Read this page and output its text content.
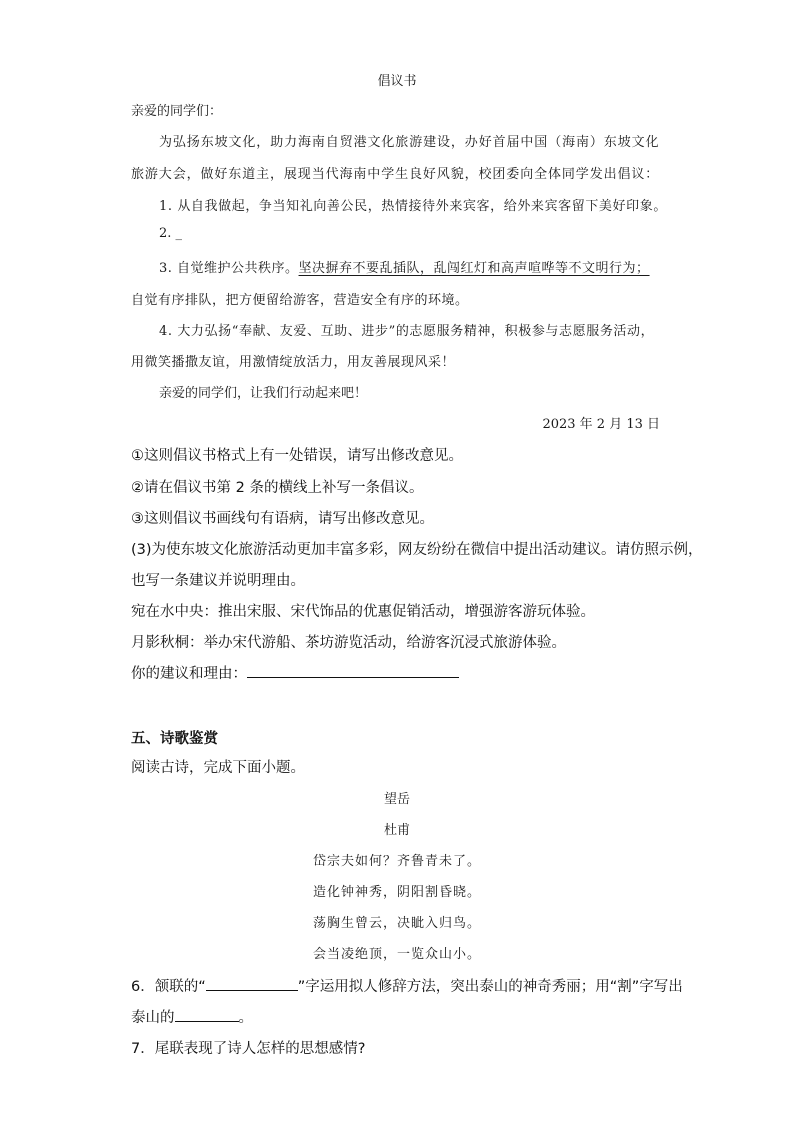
倡议书
亲爱的同学们：
为弘扬东坡文化，助力海南自贸港文化旅游建设，办好首届中国（海南）东坡文化
旅游大会，做好东道主，展现当代海南中学生良好风貌，校团委向全体同学发出倡议：
1. 从自我做起，争当知礼向善公民，热情接待外来宾客，给外来宾客留下美好印象。
2. _
3. 自觉维护公共秩序。坚决摒弃不要乱插队，乱闯红灯和高声喧哗等不文明行为；
自觉有序排队，把方便留给游客，营造安全有序的环境。
4. 大力弘扬“奉献、友爱、互助、进步”的志愿服务精神，积极参与志愿服务活动，
用微笑播撒友谊，用激情绽放活力，用友善展现风采！
亲爱的同学们，让我们行动起来吧！
2023 年 2 月 13 日
①这则倡议书格式上有一处错误，请写出修改意见。
②请在倡议书第 2 条的横线上补写一条倡议。
③这则倡议书画线句有语病，请写出修改意见。
(3)为使东坡文化旅游活动更加丰富多彩，网友纷纷在微信中提出活动建议。请仿照示例，
也写一条建议并说明理由。
宛在水中央：推出宋服、宋代饰品的优惠促销活动，增强游客游玩体验。
月影秋桐：举办宋代游船、茶坊游览活动，给游客沉浸式旅游体验。
你的建议和理由：
五、诗歌鉴赏
阅读古诗，完成下面小题。
望岳
杜甫
岱宗夫如何？齐鲁青未了。
造化钟神秀，阴阳割昏晓。
荡胸生曾云，决眦入归鸟。
会当凌绝顶，一览众山小。
6．颔联的“	”字运用拟人修辞方法，突出泰山的神奇秀丽；用“割”字写出
泰山的	。
7．尾联表现了诗人怎样的思想感情?
